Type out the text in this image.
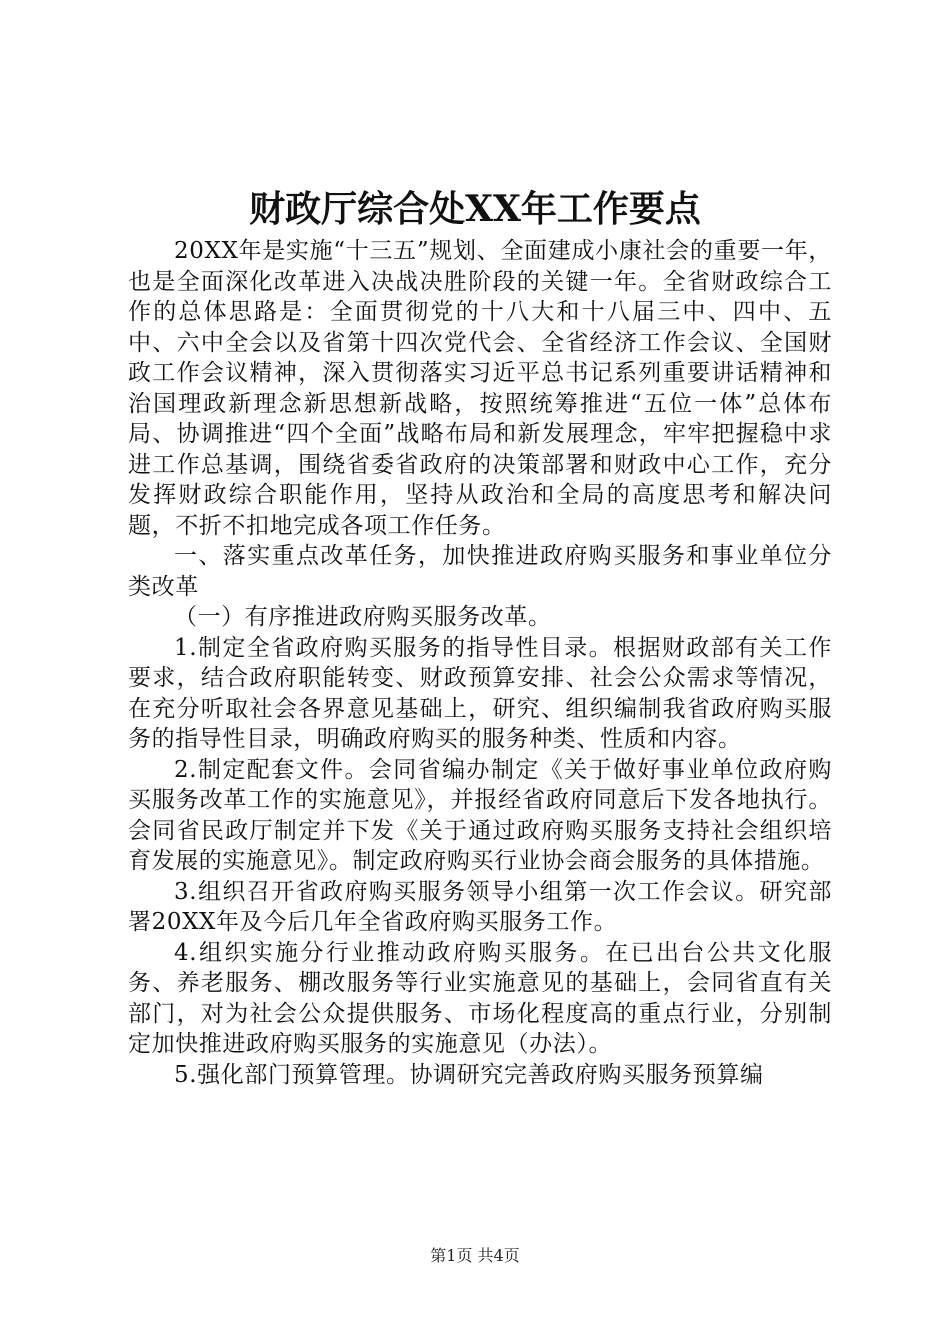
财政厅综合处XX年工作要点

20XX年是实施“十三五”规划、全面建成小康社会的重要一年，也是全面深化改革进入决战决胜阶段的关键一年。全省财政综合工作的总体思路是：全面贯彻党的十八大和十八届三中、四中、五中、六中全会以及省第十四次党代会、全省经济工作会议、全国财政工作会议精神，深入贯彻落实习近平总书记系列重要讲话精神和治国理政新理念新思想新战略，按照统筹推进“五位一体”总体布局、协调推进“四个全面”战略布局和新发展理念，牢牢把握稳中求进工作总基调，围绕省委省政府的决策部署和财政中心工作，充分发挥财政综合职能作用，坚持从政治和全局的高度思考和解决问题，不折不扣地完成各项工作任务。

一、落实重点改革任务，加快推进政府购买服务和事业单位分类改革

（一）有序推进政府购买服务改革。

1.制定全省政府购买服务的指导性目录。根据财政部有关工作要求，结合政府职能转变、财政预算安排、社会公众需求等情况，在充分听取社会各界意见基础上，研究、组织编制我省政府购买服务的指导性目录，明确政府购买的服务种类、性质和内容。

2.制定配套文件。会同省编办制定《关于做好事业单位政府购买服务改革工作的实施意见》，并报经省政府同意后下发各地执行。会同省民政厅制定并下发《关于通过政府购买服务支持社会组织培育发展的实施意见》。制定政府购买行业协会商会服务的具体措施。

3.组织召开省政府购买服务领导小组第一次工作会议。研究部署20XX年及今后几年全省政府购买服务工作。

4.组织实施分行业推动政府购买服务。在已出台公共文化服务、养老服务、棚改服务等行业实施意见的基础上，会同省直有关部门，对为社会公众提供服务、市场化程度高的重点行业，分别制定加快推进政府购买服务的实施意见（办法）。

5.强化部门预算管理。协调研究完善政府购买服务预算编

第1页 共4页
